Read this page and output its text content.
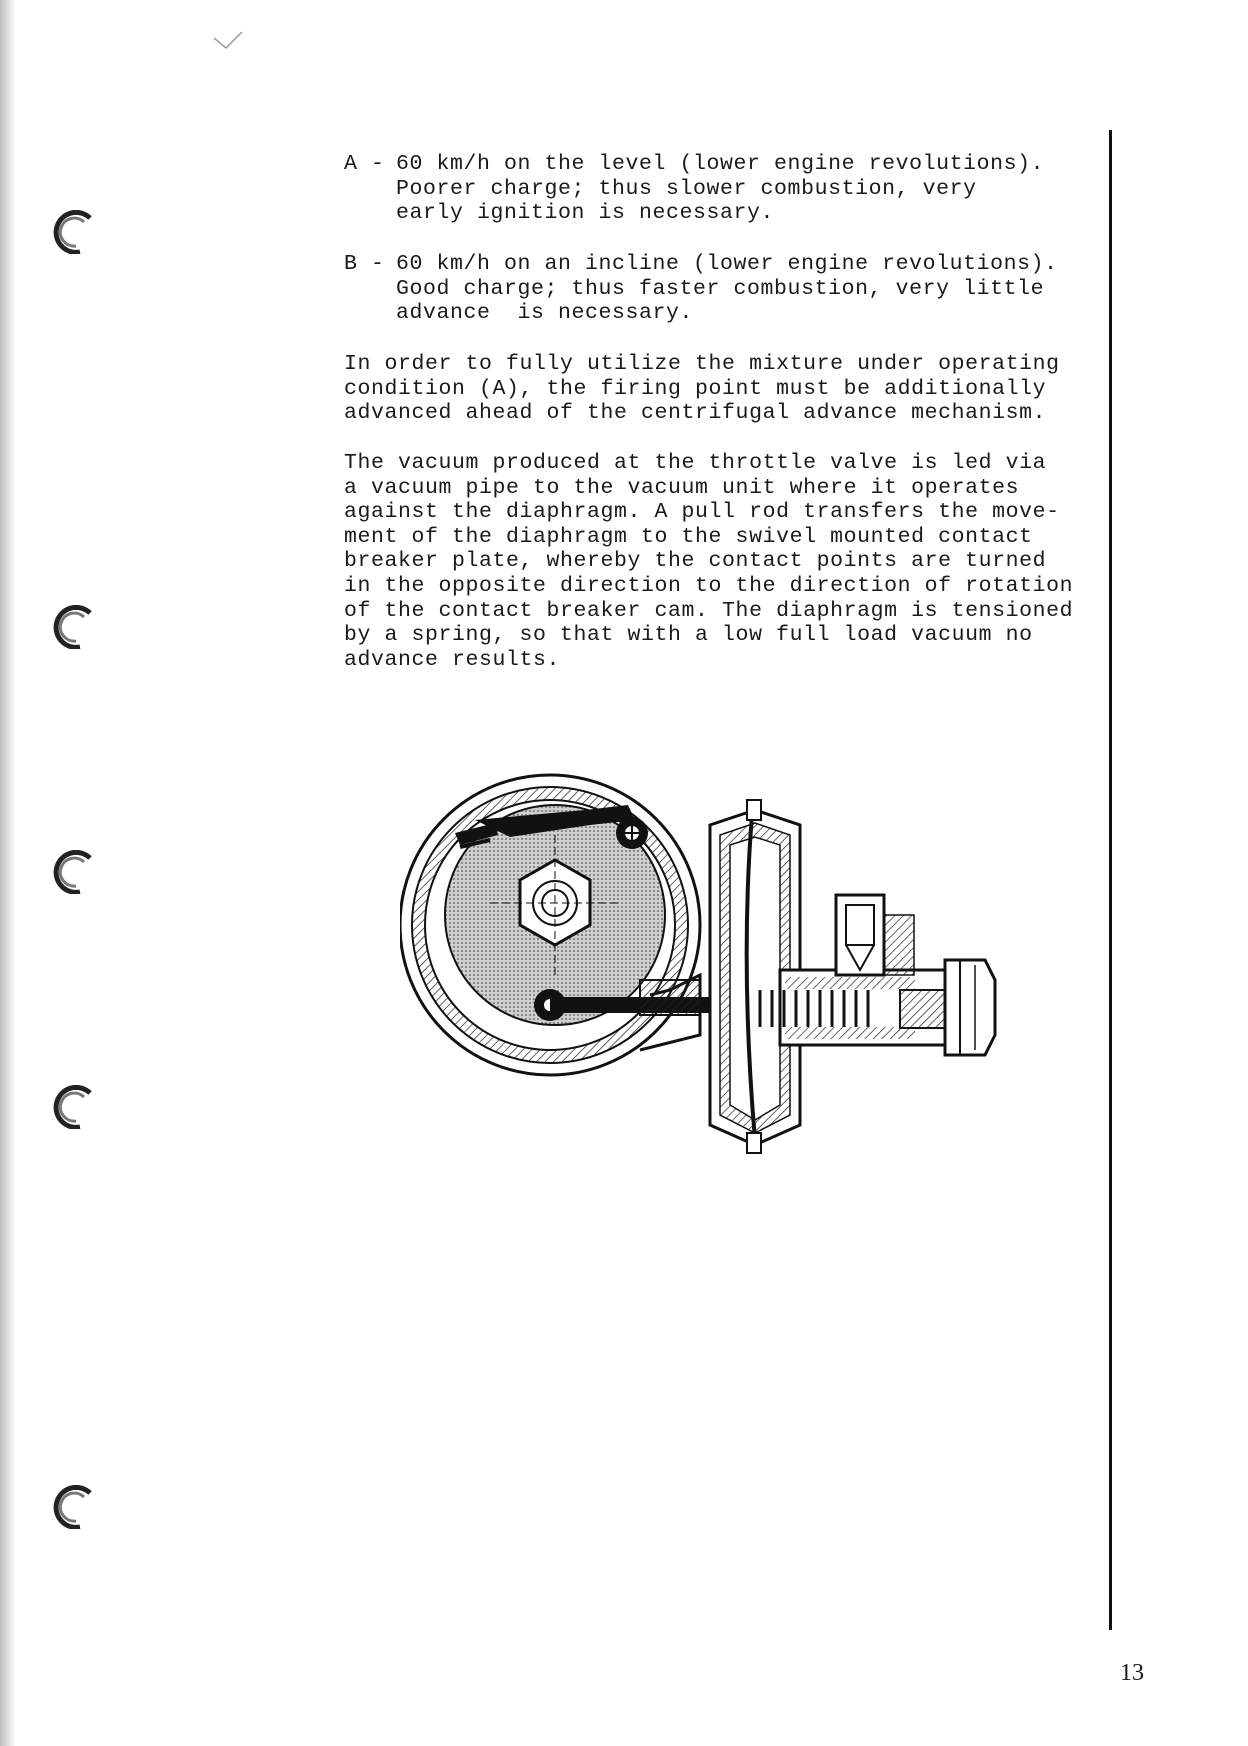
A - 60 km/h on the level (lower engine revolutions).
Poorer charge; thus slower combustion, very
early ignition is necessary.
B - 60 km/h on an incline (lower engine revolutions).
Good charge; thus faster combustion, very little
advance  is necessary.
In order to fully utilize the mixture under operating
condition (A), the firing point must be additionally
advanced ahead of the centrifugal advance mechanism.
The vacuum produced at the throttle valve is led via
a vacuum pipe to the vacuum unit where it operates
against the diaphragm. A pull rod transfers the move-
ment of the diaphragm to the swivel mounted contact
breaker plate, whereby the contact points are turned
in the opposite direction to the direction of rotation
of the contact breaker cam. The diaphragm is tensioned
by a spring, so that with a low full load vacuum no
advance results.
13
